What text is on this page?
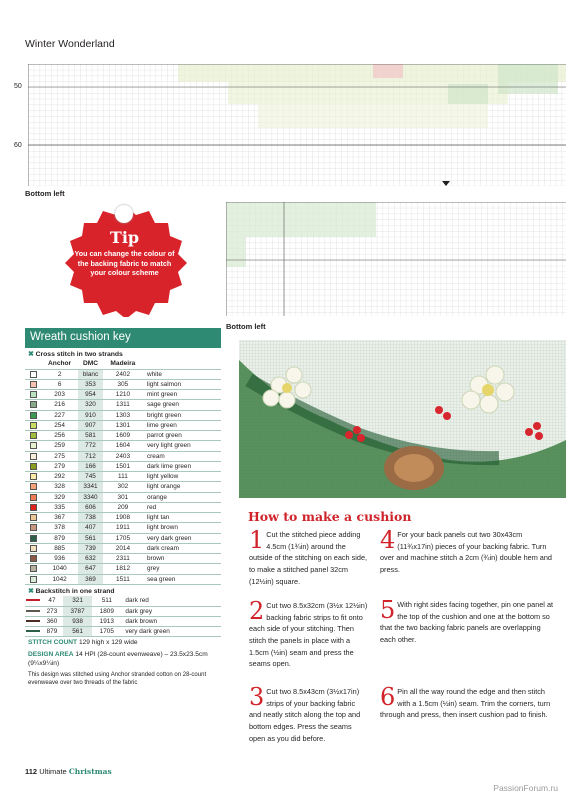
Winter Wonderland
50
60
Bottom left
Bottom left
Tip
You can change the colour of the backing fabric to match your colour scheme
Wreath cushion key
✖ Cross stitch in two strands
	Anchor	DMC	Madeira	
	2	blanc	2402	white
	6	353	305	light salmon
	203	954	1210	mint green
	216	320	1311	sage green
	227	910	1303	bright green
	254	907	1301	lime green
	256	581	1609	parrot green
	259	772	1604	very light green
	275	712	2403	cream
	279	166	1501	dark lime green
	292	745	111	light yellow
	328	3341	302	light orange
	329	3340	301	orange
	335	606	209	red
	367	738	1908	light tan
	378	407	1911	light brown
	879	561	1705	very dark green
	885	739	2014	dark cream
	936	632	2311	brown
	1040	647	1812	grey
	1042	369	1511	sea green
✖ Backstitch in one strand
	47	321	511	dark red
	273	3787	1809	dark grey
	360	938	1913	dark brown
	879	561	1705	very dark green
STITCH COUNT 129 high x 129 wide
DESIGN AREA 14 HPI (28-count evenweave) – 23.5x23.5cm (9¼x9¼in)
This design was stitched using Anchor stranded cotton on 28-count evenweave over two threads of the fabric
How to make a cushion
1 Cut the stitched piece adding 4.5cm (1¾in) around the outside of the stitching on each side, to make a stitched panel 32cm (12½in) square.
2 Cut two 8.5x32cm (3½x 12½in) backing fabric strips to fit onto each side of your stitching. Then stitch the panels in place with a 1.5cm (½in) seam and press the seams open.
3 Cut two 8.5x43cm (3½x17in) strips of your backing fabric and neatly stitch along the top and bottom edges. Press the seams open as you did before.
4 For your back panels cut two 30x43cm (11¾x17in) pieces of your backing fabric. Turn over and machine stitch a 2cm (¾in) double hem and press.
5 With right sides facing together, pin one panel at the top of the cushion and one at the bottom so that the two backing fabric panels are overlapping each other.
6 Pin all the way round the edge and then stitch with a 1.5cm (½in) seam. Trim the corners, turn through and press, then insert cushion pad to finish.
112 Ultimate Christmas
PassionForum.ru
